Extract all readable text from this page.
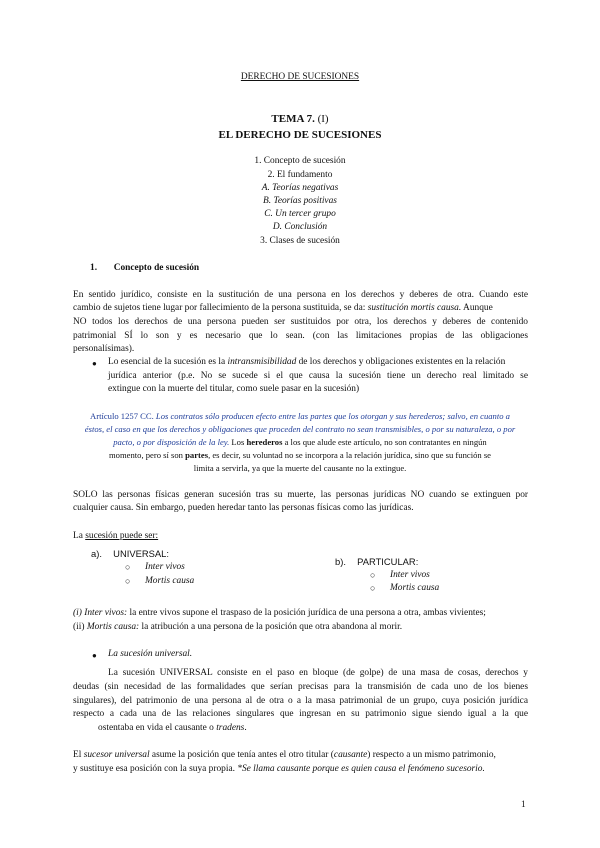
DERECHO DE SUCESIONES
TEMA 7. (I)
EL DERECHO DE SUCESIONES
1. Concepto de sucesión
2. El fundamento
A. Teorías negativas
B. Teorías positivas
C. Un tercer grupo
D. Conclusión
3. Clases de sucesión
1. Concepto de sucesión
En sentido jurídico, consiste en la sustitución de una persona en los derechos y deberes de otra. Cuando este
cambio de sujetos tiene lugar por fallecimiento de la persona sustituida, se da: sustitución mortis causa. Aunque
NO todos los derechos de una persona pueden ser sustituidos por otra, los derechos y deberes de contenido
patrimonial SÍ lo son y es necesario que lo sean. (con las limitaciones propias de las obligaciones
personalísimas).
● Lo esencial de la sucesión es la intransmisibilidad de los derechos y obligaciones existentes en la relación
jurídica anterior (p.e. No se sucede si el que causa la sucesión tiene un derecho real limitado se
extingue con la muerte del titular, como suele pasar en la sucesión)
Artículo 1257 CC. Los contratos sólo producen efecto entre las partes que los otorgan y sus herederos; salvo, en cuanto a
éstos, el caso en que los derechos y obligaciones que proceden del contrato no sean transmisibles, o por su naturaleza, o por
pacto, o por disposición de la ley. Los herederos a los que alude este artículo, no son contratantes en ningún
momento, pero sí son partes, es decir, su voluntad no se incorpora a la relación jurídica, sino que su función se
limita a servirla, ya que la muerte del causante no la extingue.
SOLO las personas físicas generan sucesión tras su muerte, las personas jurídicas NO cuando se extinguen por
cualquier causa. Sin embargo, pueden heredar tanto las personas físicas como las jurídicas.
La sucesión puede ser:
a). UNIVERSAL:
○ Inter vivos
○ Mortis causa
b). PARTICULAR:
○ Inter vivos
○ Mortis causa
(i) Inter vivos: la entre vivos supone el traspaso de la posición jurídica de una persona a otra, ambas vivientes;
(ii) Mortis causa: la atribución a una persona de la posición que otra abandona al morir.
● La sucesión universal.
La sucesión UNIVERSAL consiste en el paso en bloque (de golpe) de una masa de cosas, derechos y
deudas (sin necesidad de las formalidades que serían precisas para la transmisión de cada uno de los bienes
singulares), del patrimonio de una persona al de otra o a la masa patrimonial de un grupo, cuya posición jurídica
respecto a cada una de las relaciones singulares que ingresan en su patrimonio sigue siendo igual a la que
ostentaba en vida el causante o tradens.
El sucesor universal asume la posición que tenía antes el otro titular (causante) respecto a un mismo patrimonio,
y sustituye esa posición con la suya propia. *Se llama causante porque es quien causa el fenómeno sucesorio.
1
